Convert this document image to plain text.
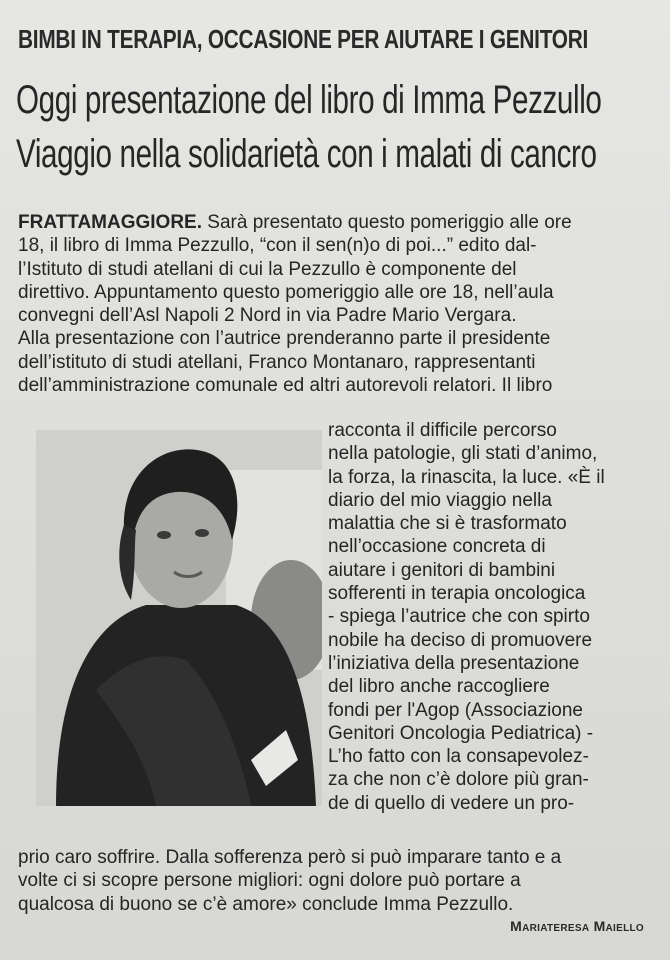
BIMBI IN TERAPIA, OCCASIONE PER AIUTARE I GENITORI
Oggi presentazione del libro di Imma Pezzullo
Viaggio nella solidarietà con i malati di cancro
FRATTAMAGGIORE. Sarà presentato questo pomeriggio alle ore
18, il libro di Imma Pezzullo, “con il sen(n)o di poi...” edito dal-
l’Istituto di studi atellani di cui la Pezzullo è componente del
direttivo. Appuntamento questo pomeriggio alle ore 18, nell’aula
convegni dell’Asl Napoli 2 Nord in via Padre Mario Vergara.
Alla presentazione con l’autrice prenderanno parte il presidente
dell’istituto di studi atellani, Franco Montanaro, rappresentanti
dell’amministrazione comunale ed altri autorevoli relatori. Il libro
racconta il difficile percorso
nella patologie, gli stati d’animo,
la forza, la rinascita, la luce. «È il
diario del mio viaggio nella
malattia che si è trasformato
nell’occasione concreta di
aiutare i genitori di bambini
sofferenti in terapia oncologica
- spiega l’autrice che con spirto
nobile ha deciso di promuovere
l’iniziativa della presentazione
del libro anche raccogliere
fondi per l'Agop (Associazione
Genitori Oncologia Pediatrica) -
L’ho fatto con la consapevolez-
za che non c’è dolore più gran-
de di quello di vedere un pro-
prio caro soffrire. Dalla sofferenza però si può imparare tanto e a
volte ci si scopre persone migliori: ogni dolore può portare a
qualcosa di buono se c’è amore» conclude Imma Pezzullo.
Mariateresa Maiello
